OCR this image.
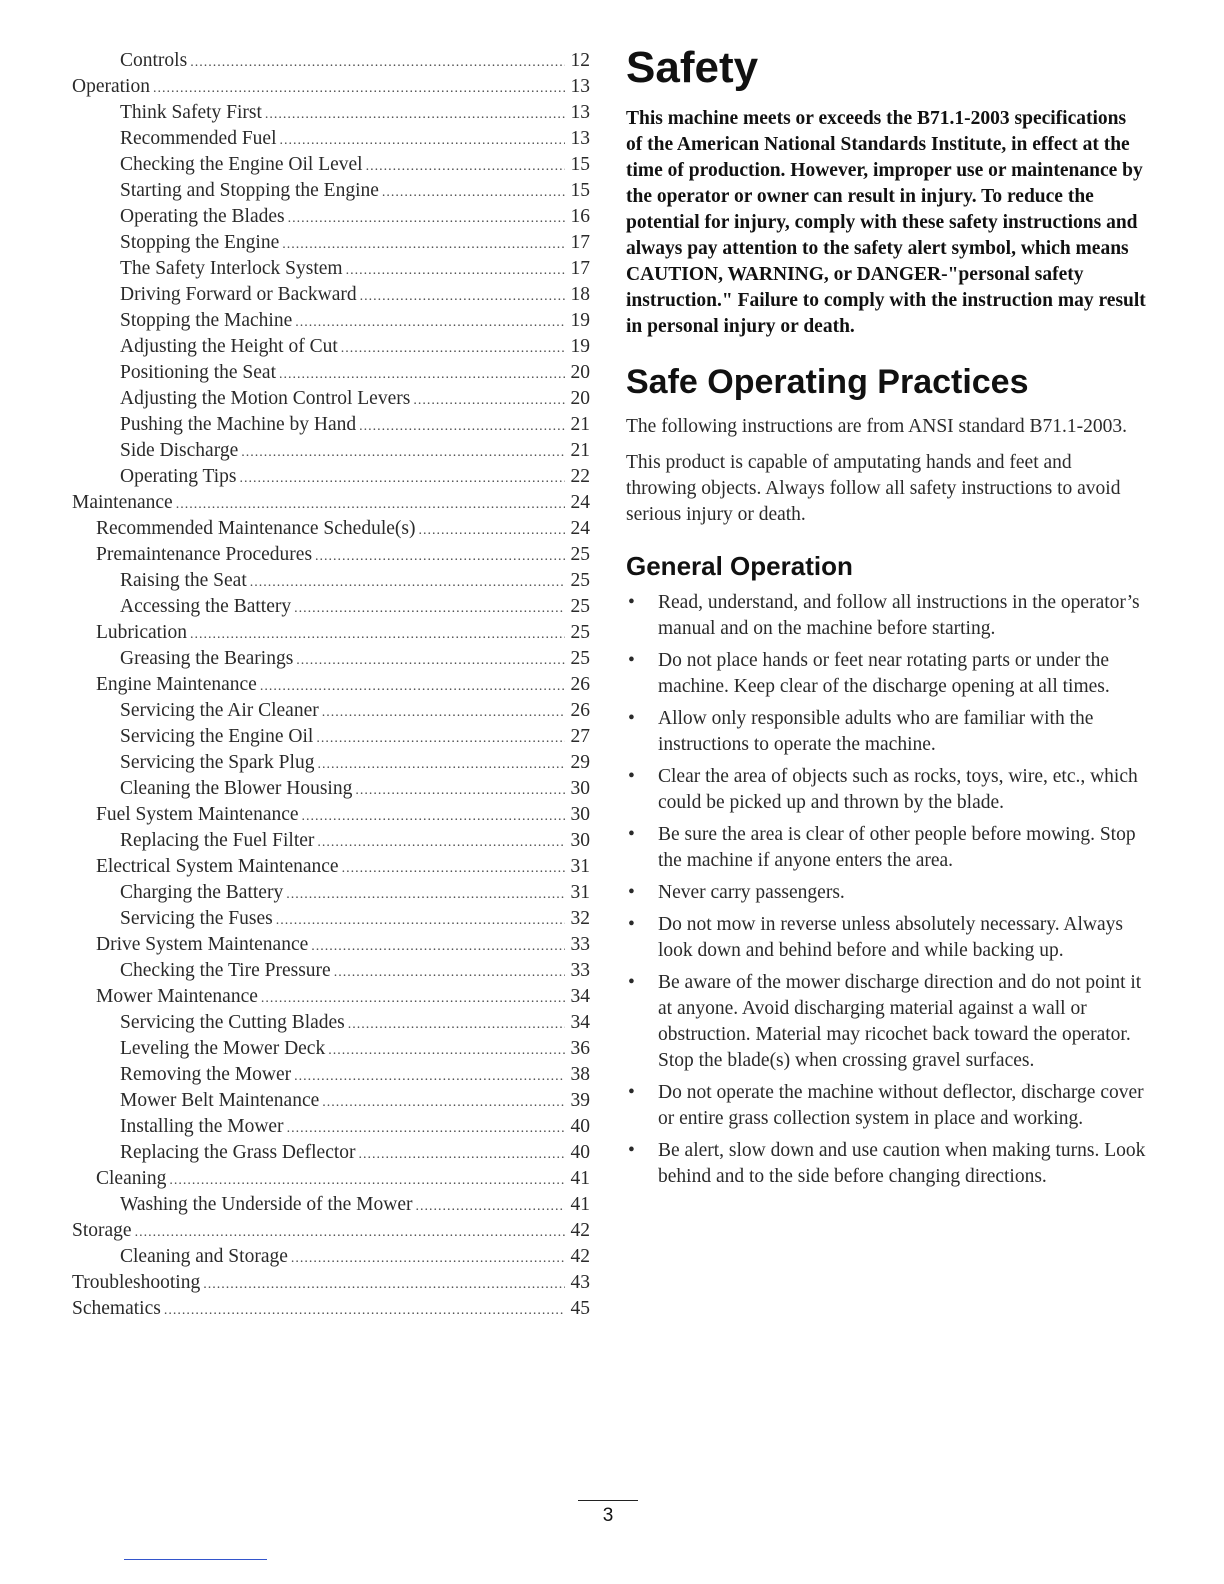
Controls .....	12
Operation .....	13
Think Safety First .....	13
Recommended Fuel .....	13
Checking the Engine Oil Level .....	15
Starting and Stopping the Engine .....	15
Operating the Blades .....	16
Stopping the Engine .....	17
The Safety Interlock System .....	17
Driving Forward or Backward .....	18
Stopping the Machine .....	19
Adjusting the Height of Cut .....	19
Positioning the Seat .....	20
Adjusting the Motion Control Levers .....	20
Pushing the Machine by Hand .....	21
Side Discharge .....	21
Operating Tips .....	22
Maintenance .....	24
Recommended Maintenance Schedule(s) .....	24
Premaintenance Procedures .....	25
Raising the Seat .....	25
Accessing the Battery .....	25
Lubrication .....	25
Greasing the Bearings .....	25
Engine Maintenance .....	26
Servicing the Air Cleaner .....	26
Servicing the Engine Oil .....	27
Servicing the Spark Plug .....	29
Cleaning the Blower Housing .....	30
Fuel System Maintenance .....	30
Replacing the Fuel Filter .....	30
Electrical System Maintenance .....	31
Charging the Battery .....	31
Servicing the Fuses .....	32
Drive System Maintenance .....	33
Checking the Tire Pressure .....	33
Mower Maintenance .....	34
Servicing the Cutting Blades .....	34
Leveling the Mower Deck .....	36
Removing the Mower .....	38
Mower Belt Maintenance .....	39
Installing the Mower .....	40
Replacing the Grass Deflector .....	40
Cleaning .....	41
Washing the Underside of the Mower .....	41
Storage .....	42
Cleaning and Storage .....	42
Troubleshooting .....	43
Schematics .....	45
Safety

This machine meets or exceeds the B71.1-2003 specifications of the American National Standards Institute, in effect at the time of production. However, improper use or maintenance by the operator or owner can result in injury. To reduce the potential for injury, comply with these safety instructions and always pay attention to the safety alert symbol, which means CAUTION, WARNING, or DANGER-"personal safety instruction." Failure to comply with the instruction may result in personal injury or death.

Safe Operating Practices

The following instructions are from ANSI standard B71.1-2003.

This product is capable of amputating hands and feet and throwing objects. Always follow all safety instructions to avoid serious injury or death.

General Operation
• Read, understand, and follow all instructions in the operator’s manual and on the machine before starting.
• Do not place hands or feet near rotating parts or under the machine. Keep clear of the discharge opening at all times.
• Allow only responsible adults who are familiar with the instructions to operate the machine.
• Clear the area of objects such as rocks, toys, wire, etc., which could be picked up and thrown by the blade.
• Be sure the area is clear of other people before mowing. Stop the machine if anyone enters the area.
• Never carry passengers.
• Do not mow in reverse unless absolutely necessary. Always look down and behind before and while backing up.
• Be aware of the mower discharge direction and do not point it at anyone. Avoid discharging material against a wall or obstruction. Material may ricochet back toward the operator. Stop the blade(s) when crossing gravel surfaces.
• Do not operate the machine without deflector, discharge cover or entire grass collection system in place and working.
• Be alert, slow down and use caution when making turns. Look behind and to the side before changing directions.
3
